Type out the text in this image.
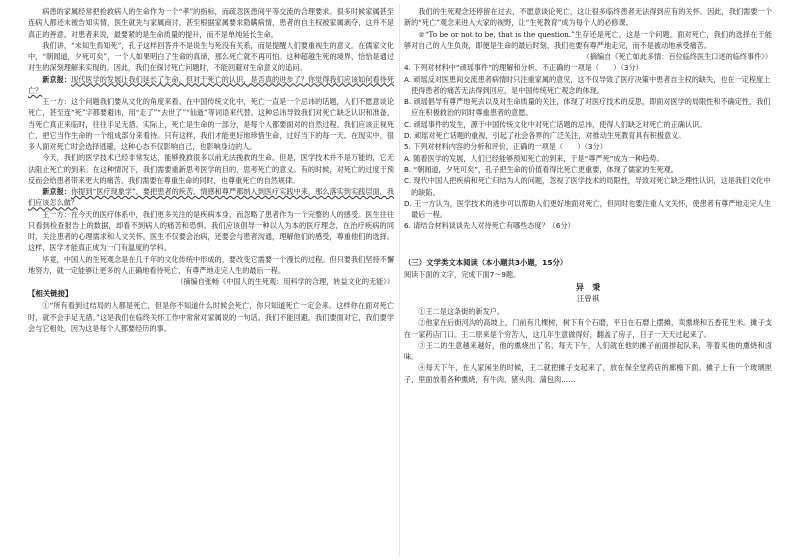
病患的家属经常把抢救病人的生命作为一个“孝”的指标，而疏忽医患间平等交流的合理要求。很多时候家属甚至连病人都还未被告知实情，医生就先与家属商讨，甚至根据家属要求隐瞒病情，患者的自主权被家属剥夺，这并不是真正的善意。对患者来说，最要紧的是生命质量的提升，而不是单纯延长生命。

我们讲，“未知生焉知死”，孔子这样回答并不是说生与死没有关系，而是提醒人们要重视生的意义。在儒家文化中，“朝闻道，夕死可矣”，一个人如果明白了生命的真谛，那么死亡就不再可怕。这种超越生死的境界，恰恰是通过对生的深刻理解来实现的。因此，我们在探讨死亡问题时，不能回避对生命意义的追问。

新京报：现代医学的发展让我们延长了生命，但对于死亡的认识，是否真的进步了？你觉得我们应该如何看待死亡？

王一方：这个问题我们要从文化的角度来看。在中国传统文化中，死亡一直是一个忌讳的话题，人们不愿意谈论死亡，甚至连“死”字都要避讳，用“走了”“去世了”“仙逝”等词语来代替。这种忌讳导致我们对死亡缺乏认识和准备，当死亡真正来临时，往往手足无措。实际上，死亡是生命的一部分，是每个人都要面对的自然过程。我们应该正视死亡，把它当作生命的一个组成部分来看待。只有这样，我们才能更好地珍惜生命，过好当下的每一天。在现实中，很多人面对死亡时会选择逃避，这种心态不仅影响自己，也影响身边的人。

今天，我们的医学技术已经非常发达，能够挽救很多以前无法挽救的生命。但是，医学技术并不是万能的，它无法阻止死亡的到来。在这种情况下，我们需要重新思考医学的目的，思考死亡的意义。有的时候，对死亡的过度干预反而会给患者带来更大的痛苦。我们需要在尊重生命的同时，也尊重死亡的自然规律。

新京报：你提到“医疗现象学”，要把患者的疾苦、情感和尊严都纳入到医疗实践中来，那么落实到实践层面，我们应该怎么做？

王一方：在今天的医疗体系中，我们更多关注的是疾病本身，而忽略了患者作为一个完整的人的感受。医生往往只看到检查报告上的数据，却看不到病人的痛苦和恐惧。我们应该倡导一种以人为本的医疗理念，在治疗疾病的同时，关注患者的心理需求和人文关怀。医生不仅要会治病，还要会与患者沟通，理解他们的感受，尊重他们的选择。这样，医学才能真正成为一门有温度的学科。

毕竟，中国人的生死观念是在几千年的文化传统中形成的，要改变它需要一个漫长的过程。但只要我们坚持不懈地努力，就一定能够让更多的人正确地看待死亡，有尊严地走完人生的最后一程。

（摘编自张畅《中国人的生死观：用科学的合理，转益文化的无能》）

【相关链接】

①“所有看到过结局的人都是死亡，但是你不知道什么时候会死亡，你只知道死亡一定会来。这样你在面对死亡时，就不会手足无措。”这是我们在临终关怀工作中常常对家属说的一句话。我们不能回避，我们要面对它，我们要学会与它相处，因为这是每个人都要经历的事。

我们的生死观念还停留在过去，不愿意谈论死亡，这让很多临终患者无法得到应有的关怀。因此，我们需要一个新的“死亡”观念来进入大家的视野，让“生死教育”成为每个人的必修课。

②“To be or not to be, that is the question.”生存还是死亡，这是一个问题。面对死亡，我们的选择在于能够对自己的人生负责，即便是生命的最后时刻，我们也要有尊严地走完，而不是被动地承受痛苦。

（摘编自《死亡如此多情：百位临终医生口述的临终事件》）

4. 下列对材料中“顽瑶事件”的理解和分析，不正确的一项是（　　）（3分）

A. 顽瑶反对医患间交流患者病情时只注重家属的意见，这不仅导致了医疗决策中患者自主权的缺失，也在一定程度上使得患者的痛苦无法得到回应，是中国传统死亡观念的体现。

B. 顽瑶倡导有尊严地死去以及对生命质量的关注，体现了对医疗技术的反思，即面对医学的局限性和不确定性，我们应在积极救治的同时尊重患者的意愿。

C. 顽瑶事件的发生，源于中国传统文化中对死亡话题的忌讳，使得人们缺乏对死亡的正确认识。

D. 顽瑶对死亡话题的重视，引起了社会各界的广泛关注，对推动生死教育具有积极意义。

5. 下列对材料内容的分析和评价，正确的一项是（　　）（3分）

A. 随着医学的发展，人们已经能够预知死亡的到来，于是“尊严死”成为一种趋势。

B. “朝闻道，夕死可矣”，孔子把生命的价值看得比死亡更重要，体现了儒家的生死观。

C. 现代中国人把疾病和死亡归结为人的问题，忽视了医学技术的局限性，导致对死亡缺乏理性认识，这是我们文化中的缺陷。

D. 王一方认为，医学技术的进步可以帮助人们更好地面对死亡，但同时也要注重人文关怀，使患者有尊严地走完人生最后一程。

6. 请结合材料谈谈先人对待死亡有哪些态度？（6分）

（三）文学类文本阅读（本小题共3小题，15分）

阅读下面的文字，完成下面7～9题。

异　秉

汪曾祺

①王二是这条街的新发户。

②他家在后街河沟的高坡上，门前有几棵树，树下有个石磨，平日在石磨上摆摊，卖熏烧和五香花生米。摊子支在一家药店门口。王二原来是个穷苦人，这几年生意做得好，翻盖了房子，日子一天天过起来了。

③王二的生意越来越好，他的熏烧出了名，每天下午，人们就在他的摊子前面排起队来，等着买他的熏烧和卤味。

④每天下午，在人家闲坐的时候，王二就把摊子支起来了，放在保全堂药店的廊檐下面。摊子上有一个玻璃匣子，里面放着各种熏烧，有牛肉、猪头肉、蒲包肉……
